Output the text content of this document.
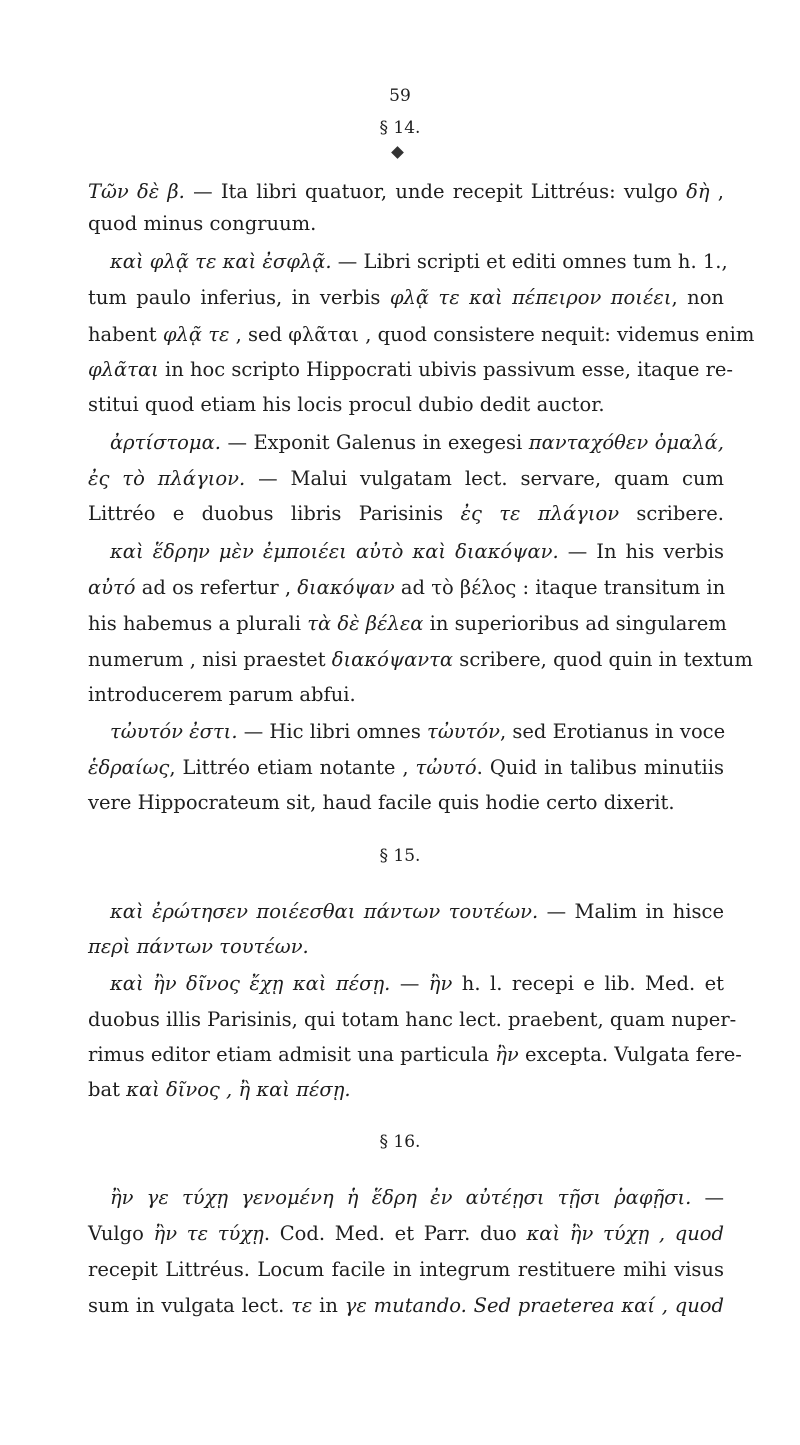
59
§ 14.
Τῶν δὲ β. — Ita libri quatuor, unde recepit Littréus: vulgo δὴ ,
quod minus congruum.
καὶ φλᾷ τε καὶ ἐσφλᾷ. — Libri scripti et editi omnes tum h. 1.,
tum paulo inferius, in verbis φλᾷ τε καὶ πέπειρον ποιέει, non
habent φλᾷ τε , sed φλᾶται , quod consistere nequit: videmus enim
φλᾶται in hoc scripto Hippocrati ubivis passivum esse, itaque re-
stitui quod etiam his locis procul dubio dedit auctor.
ἀρτίστομα. — Exponit Galenus in exegesi πανταχόθεν ὁμαλά,
ἐς τὸ πλάγιον. — Malui vulgatam lect. servare, quam cum
Littréo e duobus libris Parisinis ἐς τε πλάγιον scribere.
καὶ ἕδρην μὲν ἐμποιέει αὐτὸ καὶ διακόψαν. — In his verbis
αὐτό ad os refertur , διακόψαν ad τὸ βέλος : itaque transitum in
his habemus a plurali τὰ δὲ βέλεα in superioribus ad singularem
numerum , nisi praestet διακόψαντα scribere, quod quin in textum
introducerem parum abfui.
τὠυτόν ἐστι. — Hic libri omnes τὠυτόν, sed Erotianus in voce
ἑδραίως, Littréo etiam notante , τὠυτό. Quid in talibus minutiis
vere Hippocrateum sit, haud facile quis hodie certo dixerit.
§ 15.
καὶ ἐρώτησεν ποιέεσθαι πάντων τουτέων. — Malim in hisce
περὶ πάντων τουτέων.
καὶ ἢν δῖνος ἔχῃ καὶ πέσῃ. — ἢν h. l. recepi e lib. Med. et
duobus illis Parisinis, qui totam hanc lect. praebent, quam nuper-
rimus editor etiam admisit una particula ἢν excepta. Vulgata fere-
bat καὶ δῖνος , ἢ καὶ πέσῃ.
§ 16.
ἢν γε τύχῃ γενομένη ἡ ἕδρη ἐν αὐτέῃσι τῇσι ῥαφῇσι. —
Vulgo ἢν τε τύχῃ. Cod. Med. et Parr. duo καὶ ἢν τύχῃ , quod
recepit Littréus. Locum facile in integrum restituere mihi visus
sum in vulgata lect. τε in γε mutando. Sed praeterea καί , quod
